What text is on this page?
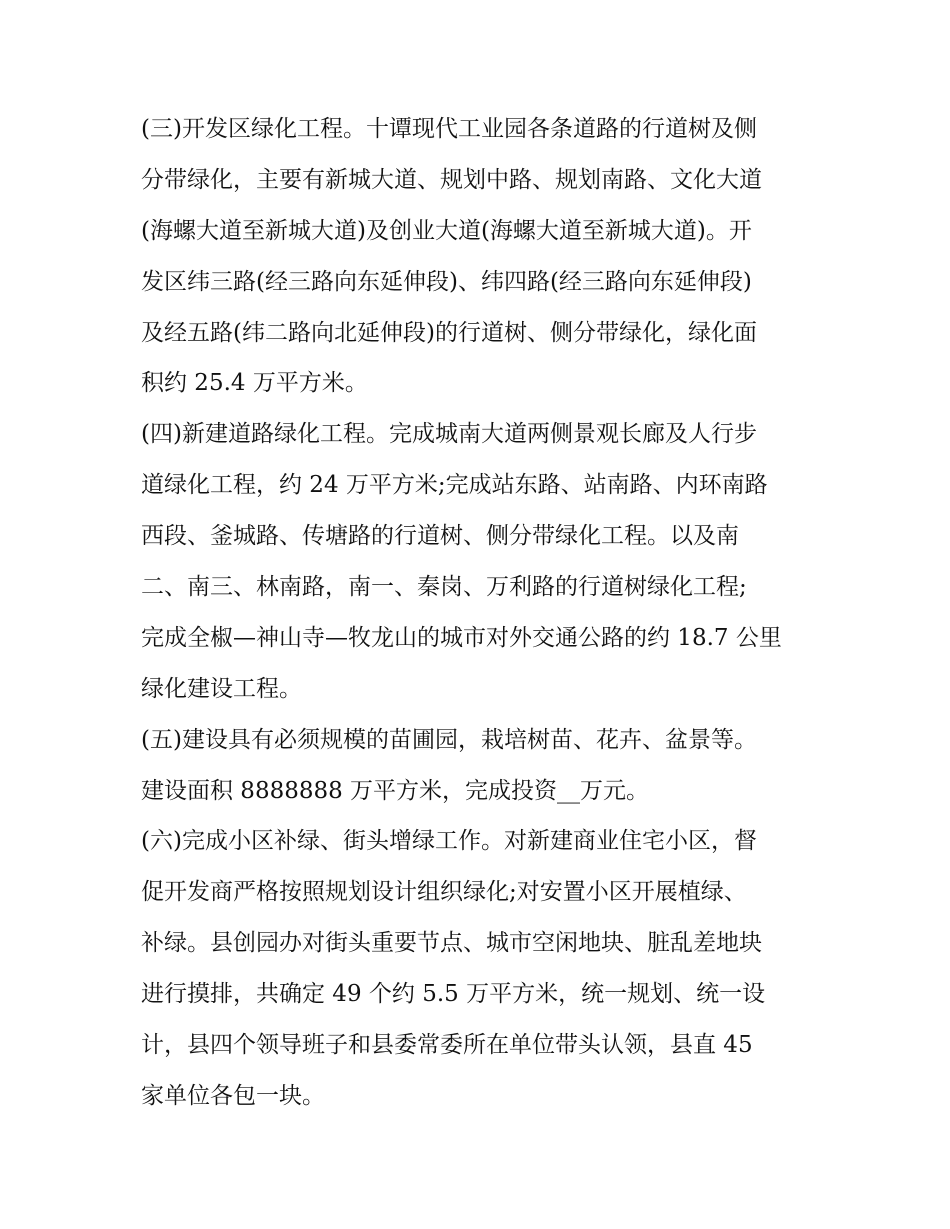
(三)开发区绿化工程。十谭现代工业园各条道路的行道树及侧
分带绿化，主要有新城大道、规划中路、规划南路、文化大道
(海螺大道至新城大道)及创业大道(海螺大道至新城大道)。开
发区纬三路(经三路向东延伸段)、纬四路(经三路向东延伸段)
及经五路(纬二路向北延伸段)的行道树、侧分带绿化，绿化面
积约 25.4 万平方米。
(四)新建道路绿化工程。完成城南大道两侧景观长廊及人行步
道绿化工程，约 24 万平方米;完成站东路、站南路、内环南路
西段、釜城路、传塘路的行道树、侧分带绿化工程。以及南
二、南三、林南路，南一、秦岗、万利路的行道树绿化工程;
完成全椒—神山寺—牧龙山的城市对外交通公路的约 18.7 公里
绿化建设工程。
(五)建设具有必须规模的苗圃园，栽培树苗、花卉、盆景等。
建设面积 8888888 万平方米，完成投资__万元。
(六)完成小区补绿、街头增绿工作。对新建商业住宅小区，督
促开发商严格按照规划设计组织绿化;对安置小区开展植绿、
补绿。县创园办对街头重要节点、城市空闲地块、脏乱差地块
进行摸排，共确定 49 个约 5.5 万平方米，统一规划、统一设
计，县四个领导班子和县委常委所在单位带头认领，县直 45
家单位各包一块。
